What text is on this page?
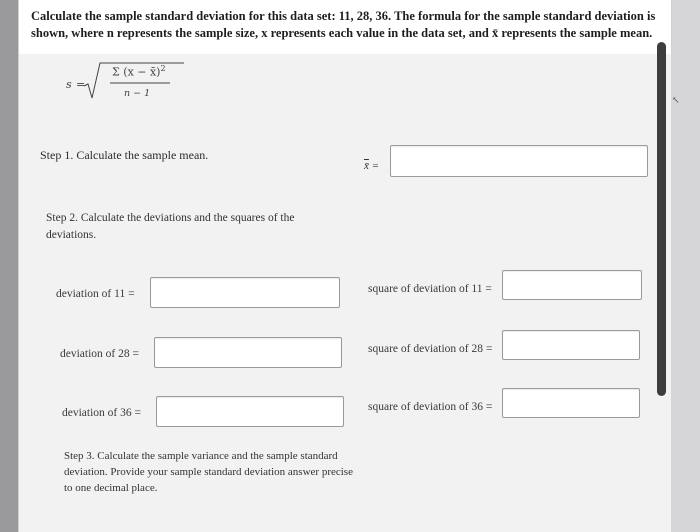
↖

Calculate the sample standard deviation for this data set: 11, 28, 36. The formula for the sample standard deviation is shown, where n represents the sample size, x represents each value in the data set, and x̄ represents the sample mean.

s =
Σ (x − x̄)$^2$
n − 1
Step 1. Calculate the sample mean.
x̄ =
Step 2. Calculate the deviations and the squares of the deviations.
deviation of 11 =	square of deviation of 11 =
deviation of 28 =	square of deviation of 28 =
deviation of 36 =	square of deviation of 36 =
Step 3. Calculate the sample variance and the sample standard deviation. Provide your sample standard deviation answer precise to one decimal place.
